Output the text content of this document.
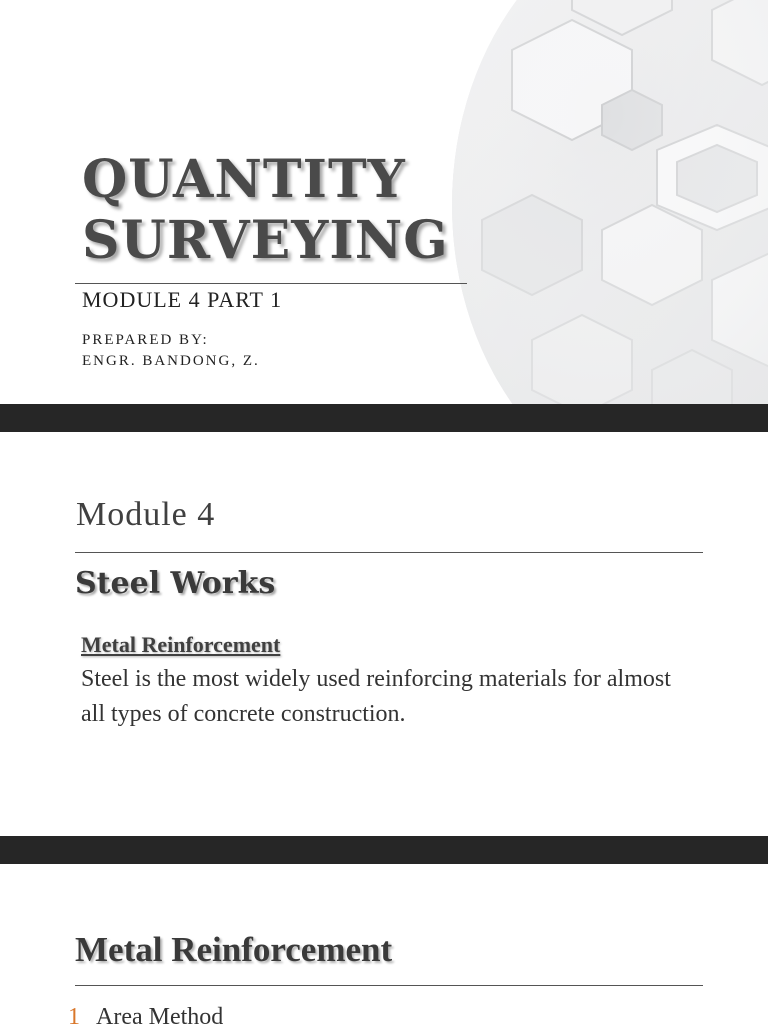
QUANTITY
SURVEYING
MODULE 4 PART 1
PREPARED BY:
ENGR. BANDONG, Z.
Module 4
Steel Works
Metal Reinforcement
Steel is the most widely used reinforcing materials for almost all types of concrete construction.
Metal Reinforcement
1 Area Method
